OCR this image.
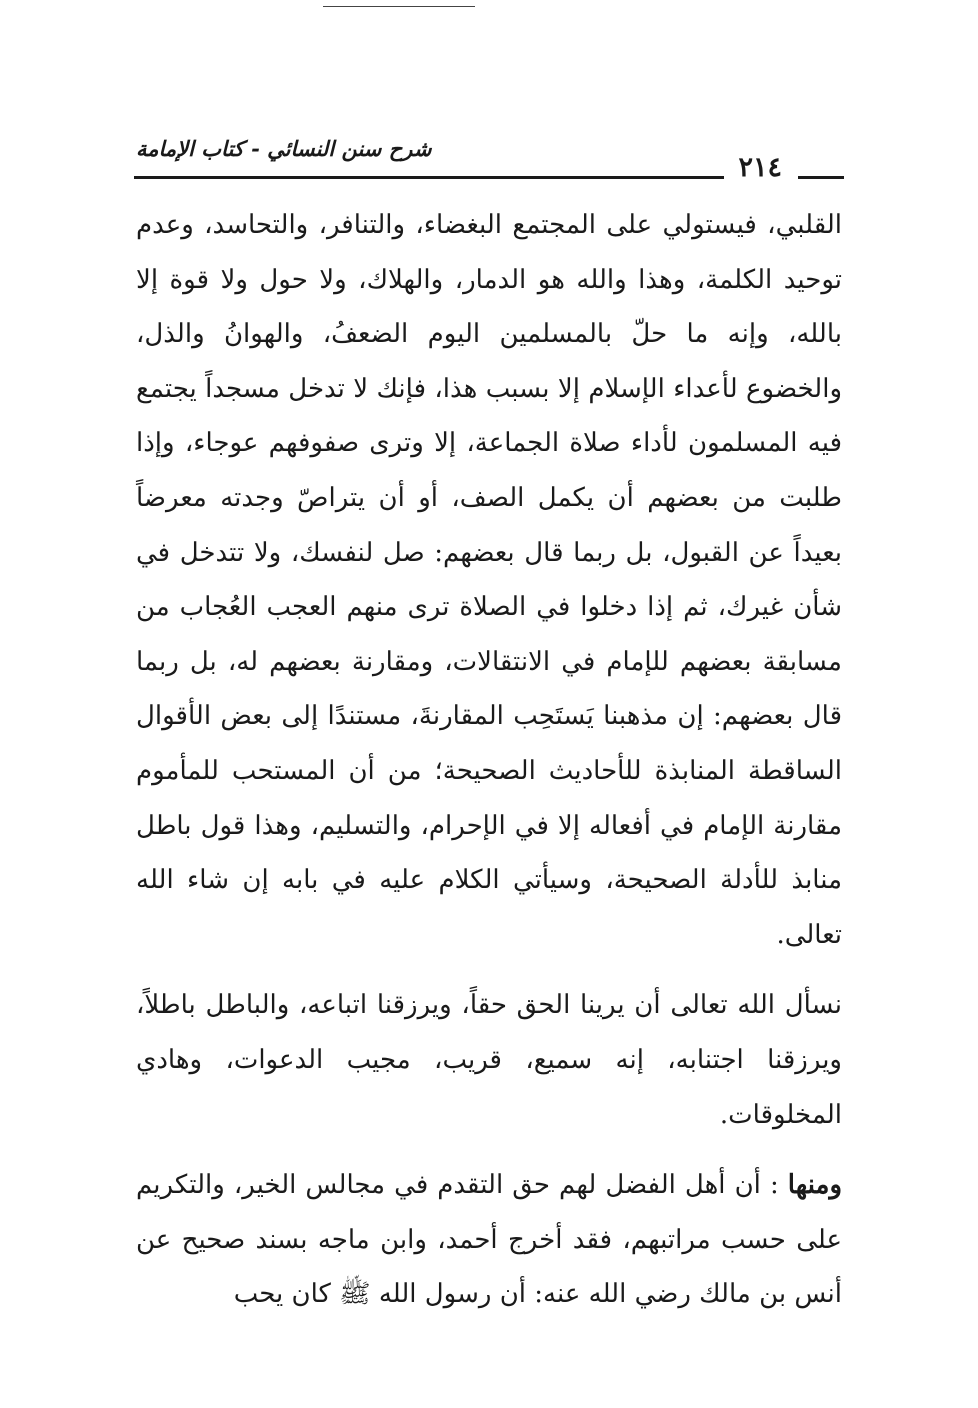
شرح سنن النسائي - كتاب الإمامة
٢١٤

القلبي، فيستولي على المجتمع البغضاء، والتنافر، والتحاسد، وعدم توحيد الكلمة، وهذا والله هو الدمار، والهلاك، ولا حول ولا قوة إلا بالله، وإنه ما حلّ بالمسلمين اليوم الضعفُ، والهوانُ والذل، والخضوع لأعداء الإسلام إلا بسبب هذا، فإنك لا تدخل مسجداً يجتمع فيه المسلمون لأداء صلاة الجماعة، إلا وترى صفوفهم عوجاء، وإذا طلبت من بعضهم أن يكمل الصف، أو أن يتراصّ وجدته معرضاً بعيداً عن القبول، بل ربما قال بعضهم: صل لنفسك، ولا تتدخل في شأن غيرك، ثم إذا دخلوا في الصلاة ترى منهم العجب العُجاب من مسابقة بعضهم للإمام في الانتقالات، ومقارنة بعضهم له، بل ربما قال بعضهم: إن مذهبنا يَستَحِب المقارنةَ، مستندًا إلى بعض الأقوال الساقطة المنابذة للأحاديث الصحيحة؛ من أن المستحب للمأموم مقارنة الإمام في أفعاله إلا في الإحرام، والتسليم، وهذا قول باطل منابذ للأدلة الصحيحة، وسيأتي الكلام عليه في بابه إن شاء الله تعالى.

نسأل الله تعالى أن يرينا الحق حقاً، ويرزقنا اتباعه، والباطل باطلاً، ويرزقنا اجتنابه، إنه سميع، قريب، مجيب الدعوات، وهادي المخلوقات.

ومنها : أن أهل الفضل لهم حق التقدم في مجالس الخير، والتكريم على حسب مراتبهم، فقد أخرج أحمد، وابن ماجه بسند صحيح عن أنس بن مالك رضي الله عنه: أن رسول الله ﷺ كان يحب
